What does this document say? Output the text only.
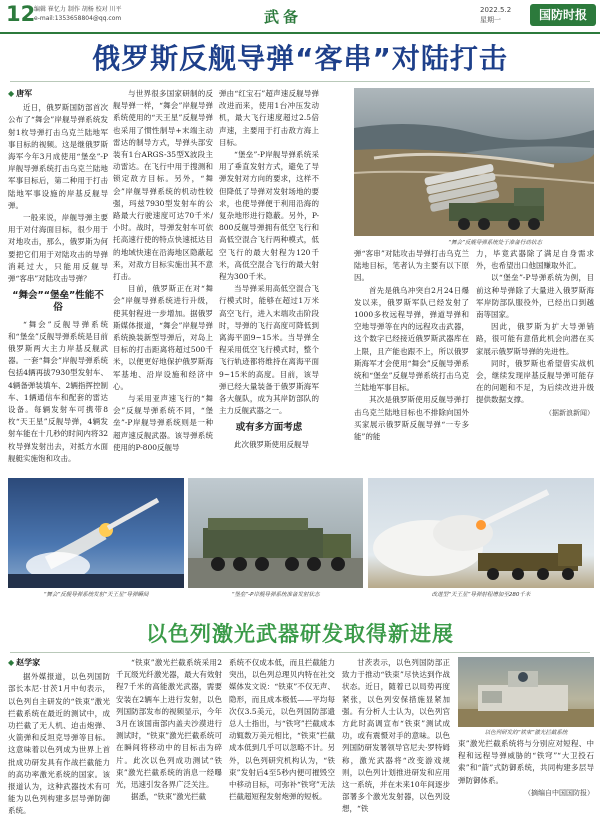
12
编辑 崔忆力 制作 胡杨 校对 川平
e-mail:1353658804@qq.com	武备	2022.5.2
星期一	国防时报
俄罗斯反舰导弹“客串”对陆打击
◆ 唐军

近日，俄罗斯国防部首次公布了“舞会”岸舰导弹系统发射1枚导弹打击乌克兰陆地军事目标的视频。这是继俄罗斯海军今年3月成使用“堡垒”-P岸舰导弹系统打击乌克兰陆地军事目标后，第二种用于打击陆地军事设施的岸基反舰导弹。

一般来说，岸舰导弹主要用于对付海面目标，很少用于对地攻击，那么，俄罗斯为何要把它们用于对陆攻击的导弹消耗过大，只能用反舰导弹“客串”对陆攻击导弹？

“舞会”“堡垒”性能不俗

“舞会”反舰导弹系统和“堡垒”反舰导弹系统是目前俄罗斯两大主力岸基反舰武器。一套“舞会”岸舰导弹系统包括4辆再拔7930型发射车、4辆备弹装填车、2辆指挥控制车、1辆通信车和配套的雷达设备。每辆发射车可携带8枚“天王星”反舰导弹，4辆发射车能在十几秒的时间内将32枚导弹发射出去，对抵方水面舰艇实施饱和攻击。

与世界很多国家研制的反舰导弹一样，“舞会”岸舰导弹系统使用的“天王星”反舰导弹也采用了惯性制导+末端主动雷达的制导方式，导弹头部安装有1台ARGS-35型X波段主动雷达。在飞行中用于搜测和锁定敌方目标。另外，“舞会”岸舰导弹系统的机动性较强，玛兹7930型发射车的公路最大行驶速度可达70千米/小时。战时，导弹发射车可依托高速行使的特点快速抵达目的地域快速在沿海地区隐蔽起来，对敌方目标实施出其不意打击。

目前，俄罗斯正在对“舞会”岸舰导弹系统进行升级，使其射程进一步增加。据俄罗斯媒体报道，“舞会”岸舰导弹系统换装新型导弹后，对岛上目标的打击距离将超过500千米，以便更好地保护俄罗斯海军基地、沿岸设施和经济中心。

与采用亚声速飞行的“舞会”反舰导弹系统不同，“堡垒”-P岸舰导弹系统则是一种超声速反舰武器。该导弹系统使用的P-800反舰导

弹由“红宝石”超声速反舰导弹改进而来，使用1台冲压发动机，最大飞行速度超过2.5倍声速，主要用于打击敌方海上目标。

“堡垒”-P岸舰导弹系统采用了垂直发射方式，避免了导弹发射对方向的要求，这样不但降低了导弹对发射场地的要求，也使导弹便于利用沿海的复杂地形进行隐蔽。另外，P-800反舰导弹拥有低空飞行和高低空混合飞行两种模式，低空飞行的最大射程为120千米，高低空混合飞行的最大射程为300千米。

当导弹采用高低空混合飞行模式时，能够在超过1万米高空飞行，进入末端攻击阶段时，导弹的飞行高度可降低到离海平面9~15米。当导弹全程采用低空飞行模式时，整个飞行轨迹都将维持在离海平面9~15米的高度。目前，该导弹已经大量装备于俄罗斯海军各大舰队，成为其岸防部队的主力反舰武器之一。

或有多方面考虑

此次俄罗斯使用反舰导

“舞会”反舰导弹系统处于准备行动状态

弹“客串”对陆攻击导弹打击乌克兰陆地目标，笔者认为主要有以下原因。

首先是俄乌冲突自2月24日爆发以来，俄罗斯军队已经发射了1000多枚远程导弹，弹道导弹和空地导弹等在内的远程攻击武器，这个数字已经接近俄罗斯武器库在上限，且产能也跟不上，所以俄罗斯海军才会使用“舞会”反舰导弹系统和“堡垒”反舰导弹系统打击乌克兰陆地军事目标。

其次是俄罗斯使用反舰导弹打击乌克兰陆地目标也不排除向国外买家展示俄罗斯反舰导弹“一专多能”的能

力，毕竟武器除了满足自身需求外，也希望出口他国赚取外汇。

以“堡垒”-P导弹系统为例，目前这种导弹除了大量进入俄罗斯海军岸防部队服役外，已经出口到越南等国家。

因此，俄罗斯为扩大导弹销路，很可能有意借此机会向潜在买家展示俄罗斯导弹的先进性。

同时，俄罗斯也希望借实战机会，继续发现岸基反舰导弹可能存在的问题和不足，为后续改进升级提供数据支撑。

（据新浪新闻）
“舞会”反舰导弹系统发射“天王星”导弹瞬间	“堡垒”-P岸舰导弹系统准备发射状态	改进型“天王星”导弹射程增加至280千米
以色列激光武器研发取得新进展
◆ 赵学家

据外媒报道，以色列国防部长本尼·甘茨1月中旬表示，以色列自主研发的“铁束”激光拦截系统在最近的测试中，成功拦截了无人机、迫击炮弹、火箭弹和反坦克导弹等目标。这意味着以色列成为世界上首批成功研发具有作战拦截能力的高功率激光系统的国家。该报道认为，这种武器技术有可能为以色列构建多层导弹防御系统。

“铁束”激光拦截系统采用2千瓦级光纤激光器，最大有效射程7千米的高能激光武器，需要安装在2辆车上进行发射，以色列国防部发布的视频显示，今年3月在该国南部内盖夫沙漠进行测试时，“铁束”激光拦截系统可在瞬间将移动中的目标击为碎片。此次以色列成功测试“铁束”激光拦截系统的消息一经曝光，迅速引发各界广泛关注。

据悉，“铁束”激光拦截

系统不仅成本低，而且拦截能力突出，以色列总理贝内特在社交媒体发文说：“铁束”不仅无声、隐形，而且成本极低——平均每次仅3.5美元，以色列国防部遗总人士指出，与“铁穹”拦截成本动辄数万美元相比，“铁束”拦截成本低到几乎可以忽略不计。另外，以色列研究机构认为，“铁束”发射后4至5秒内便可摧毁空中移动目标，可弥补“铁穹”无法拦截超短程发射炮弹的短板。

甘茨表示，以色列国防部正致力于推动“铁束”尽快达到作战状态。近日，随着已以局势再度紧张，以色列安保措施显紧加强。有分析人士认为，以色列官方此时高调宣布“铁束”测试成功，或有震慑对手的意味。以色列国防研发署领导官尼夫·罗特姆称，激光武器将“改变游戏规则，以色列计划推进研发和应用这一系统，并在未来10年间逐步部署多个激光发射器，以色列设想，“铁

以色列研发的“铁束”激光拦截系统

束”激光拦截系统将与分别应对短程、中程和远程导弹威胁的“铁穹”“大卫投石索”和“箭”式防御系统，共同构建多层导弹防御体系。

（摘编自中国国防报）
